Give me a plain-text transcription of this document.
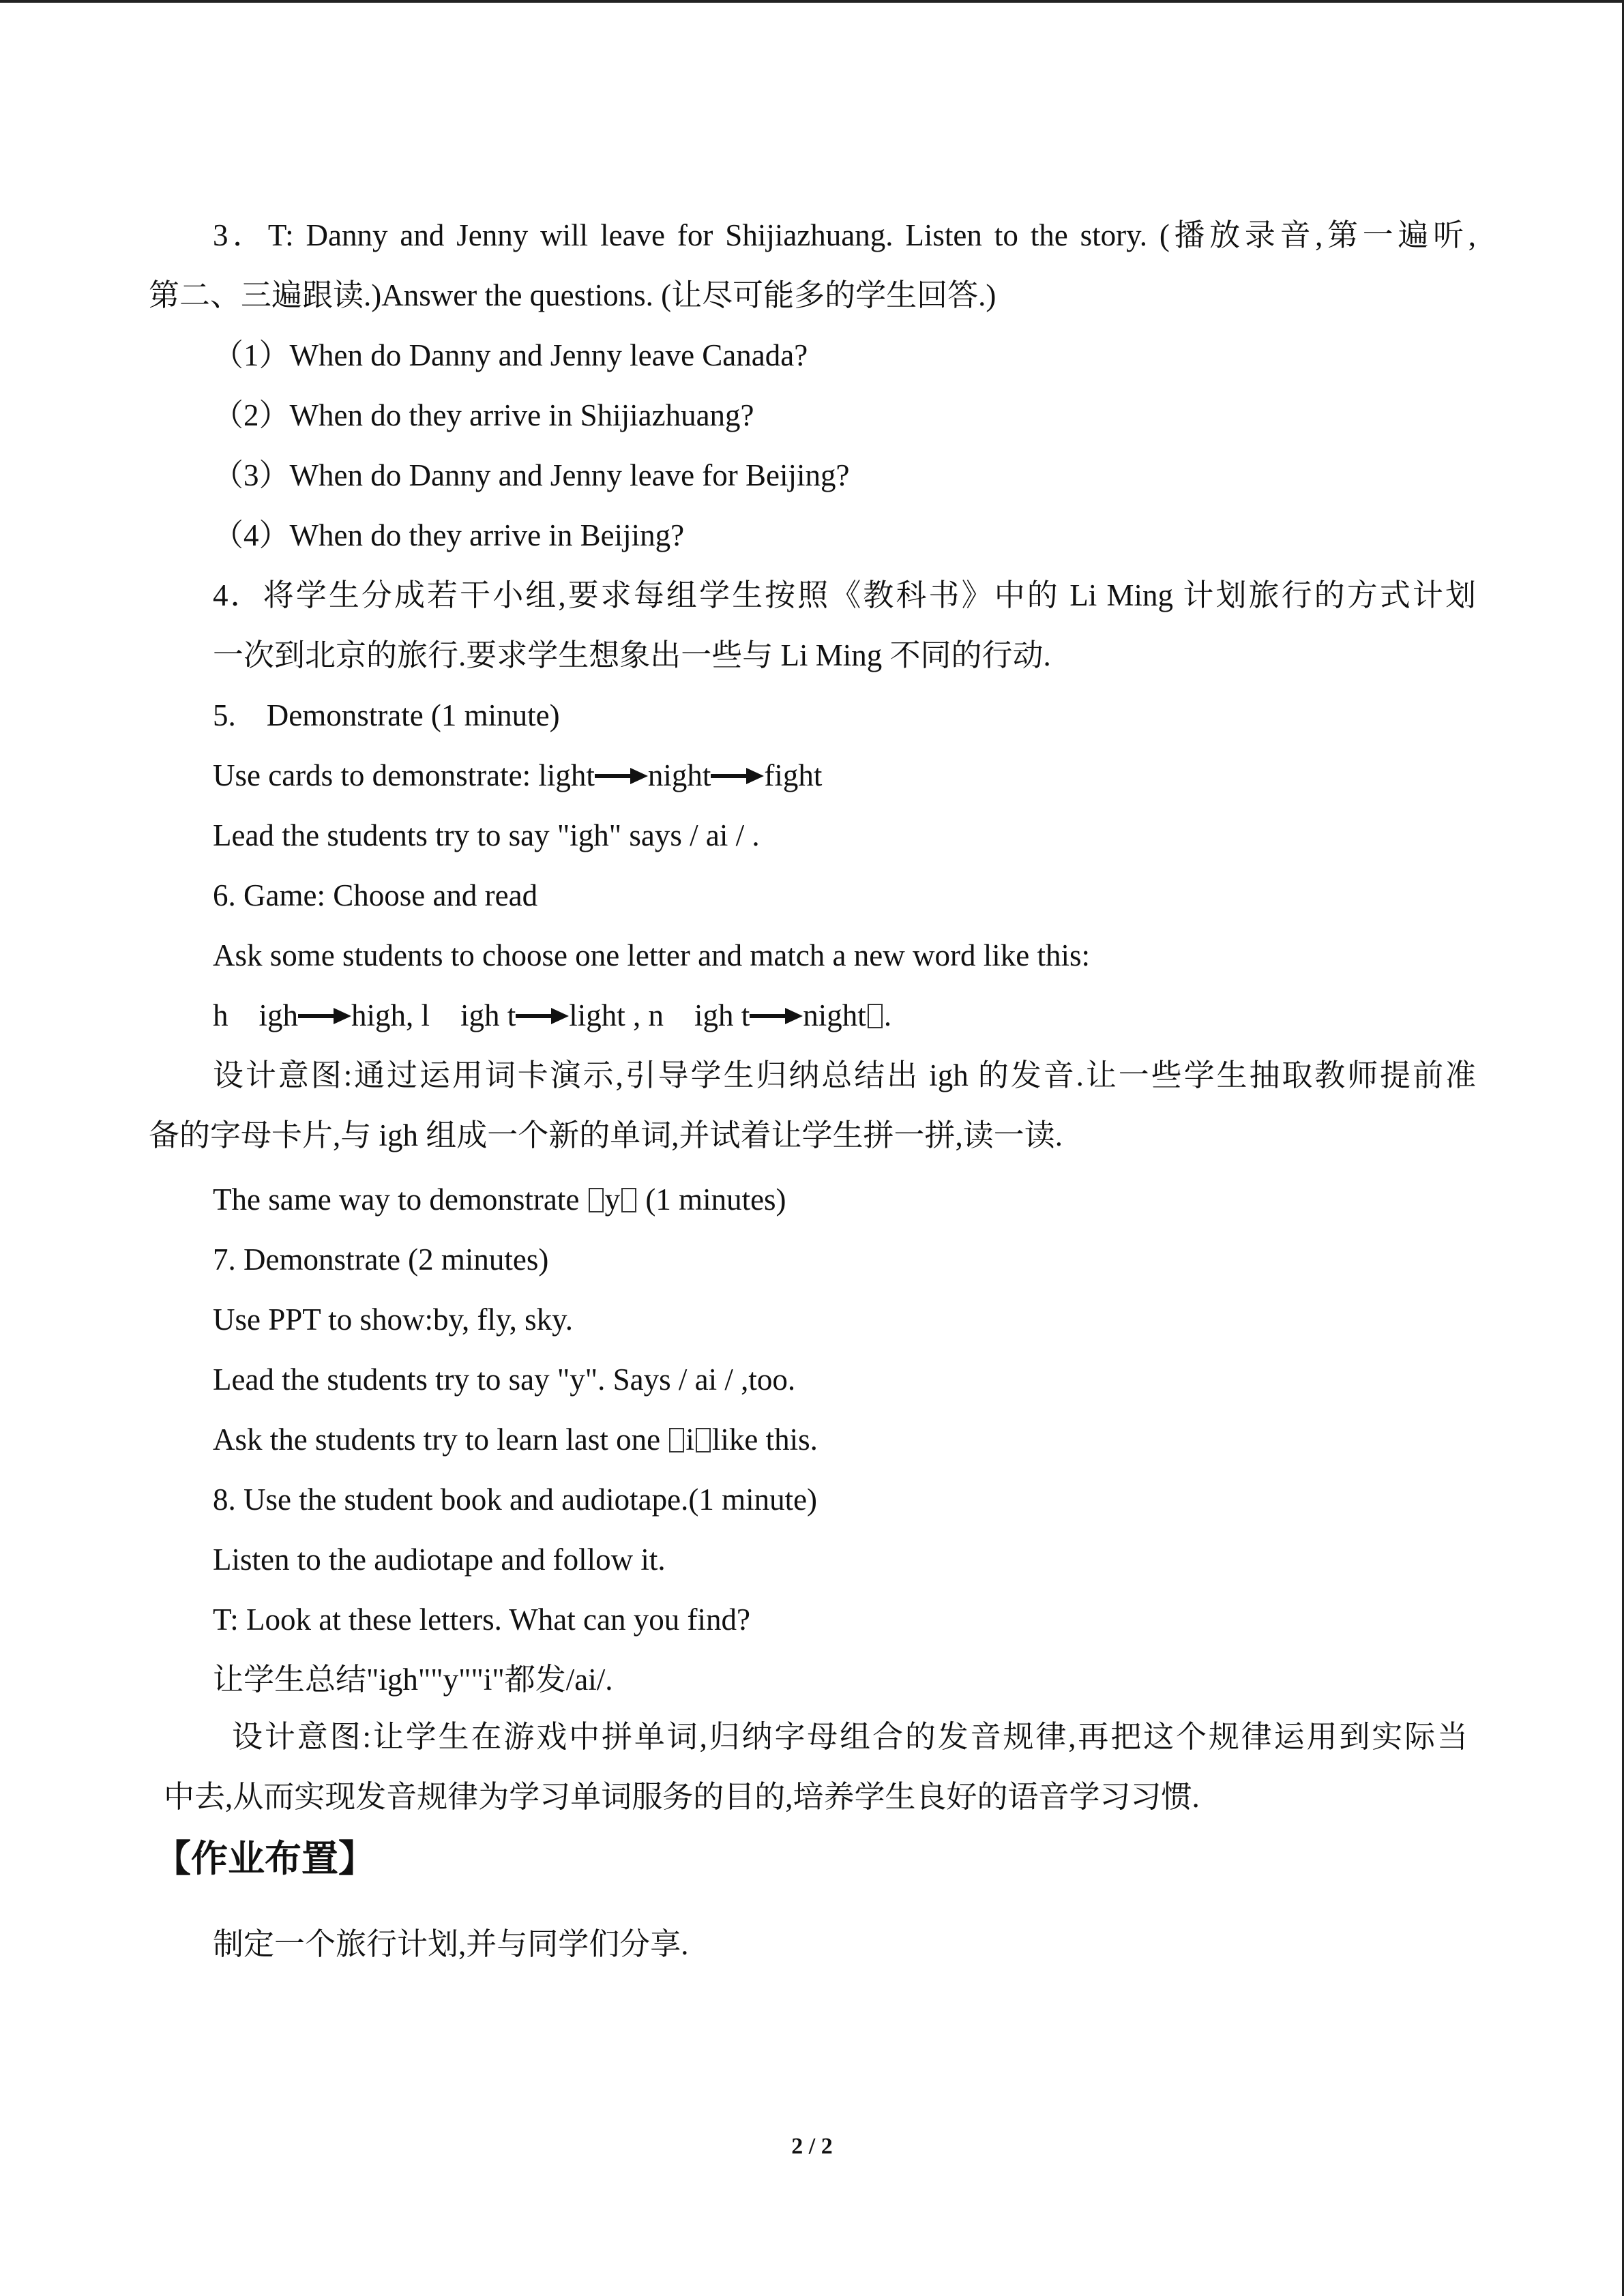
3．T: Danny and Jenny will leave for Shijiazhuang. Listen to the story. (播放录音,第一遍听,
第二、三遍跟读.)Answer the questions. (让尽可能多的学生回答.)
（1）When do Danny and Jenny leave Canada?
（2）When do they arrive in Shijiazhuang?
（3）When do Danny and Jenny leave for Beijing?
（4）When do they arrive in Beijing?
4．将学生分成若干小组,要求每组学生按照《教科书》中的 Li Ming 计划旅行的方式计划
一次到北京的旅行.要求学生想象出一些与 Li Ming 不同的行动.
5.　Demonstrate (1 minute)
Use cards to demonstrate: light night fight
Lead the students try to say "igh" says / ai / .
6. Game: Choose and read
Ask some students to choose one letter and match a new word like this:
h　igh high, l　igh t light , n　igh t night .
设计意图:通过运用词卡演示,引导学生归纳总结出 igh 的发音.让一些学生抽取教师提前准
备的字母卡片,与 igh 组成一个新的单词,并试着让学生拼一拼,读一读.
The same way to demonstrate y (1 minutes)
7. Demonstrate (2 minutes)
Use PPT to show:by, fly, sky.
Lead the students try to say "y". Says / ai / ,too.
Ask the students try to learn last one i like this.
8. Use the student book and audiotape.(1 minute)
Listen to the audiotape and follow it.
T: Look at these letters. What can you find?
让学生总结"igh""y""i"都发/ai/.
设计意图:让学生在游戏中拼单词,归纳字母组合的发音规律,再把这个规律运用到实际当
中去,从而实现发音规律为学习单词服务的目的,培养学生良好的语音学习习惯.
【作业布置】
制定一个旅行计划,并与同学们分享.
2 / 2
